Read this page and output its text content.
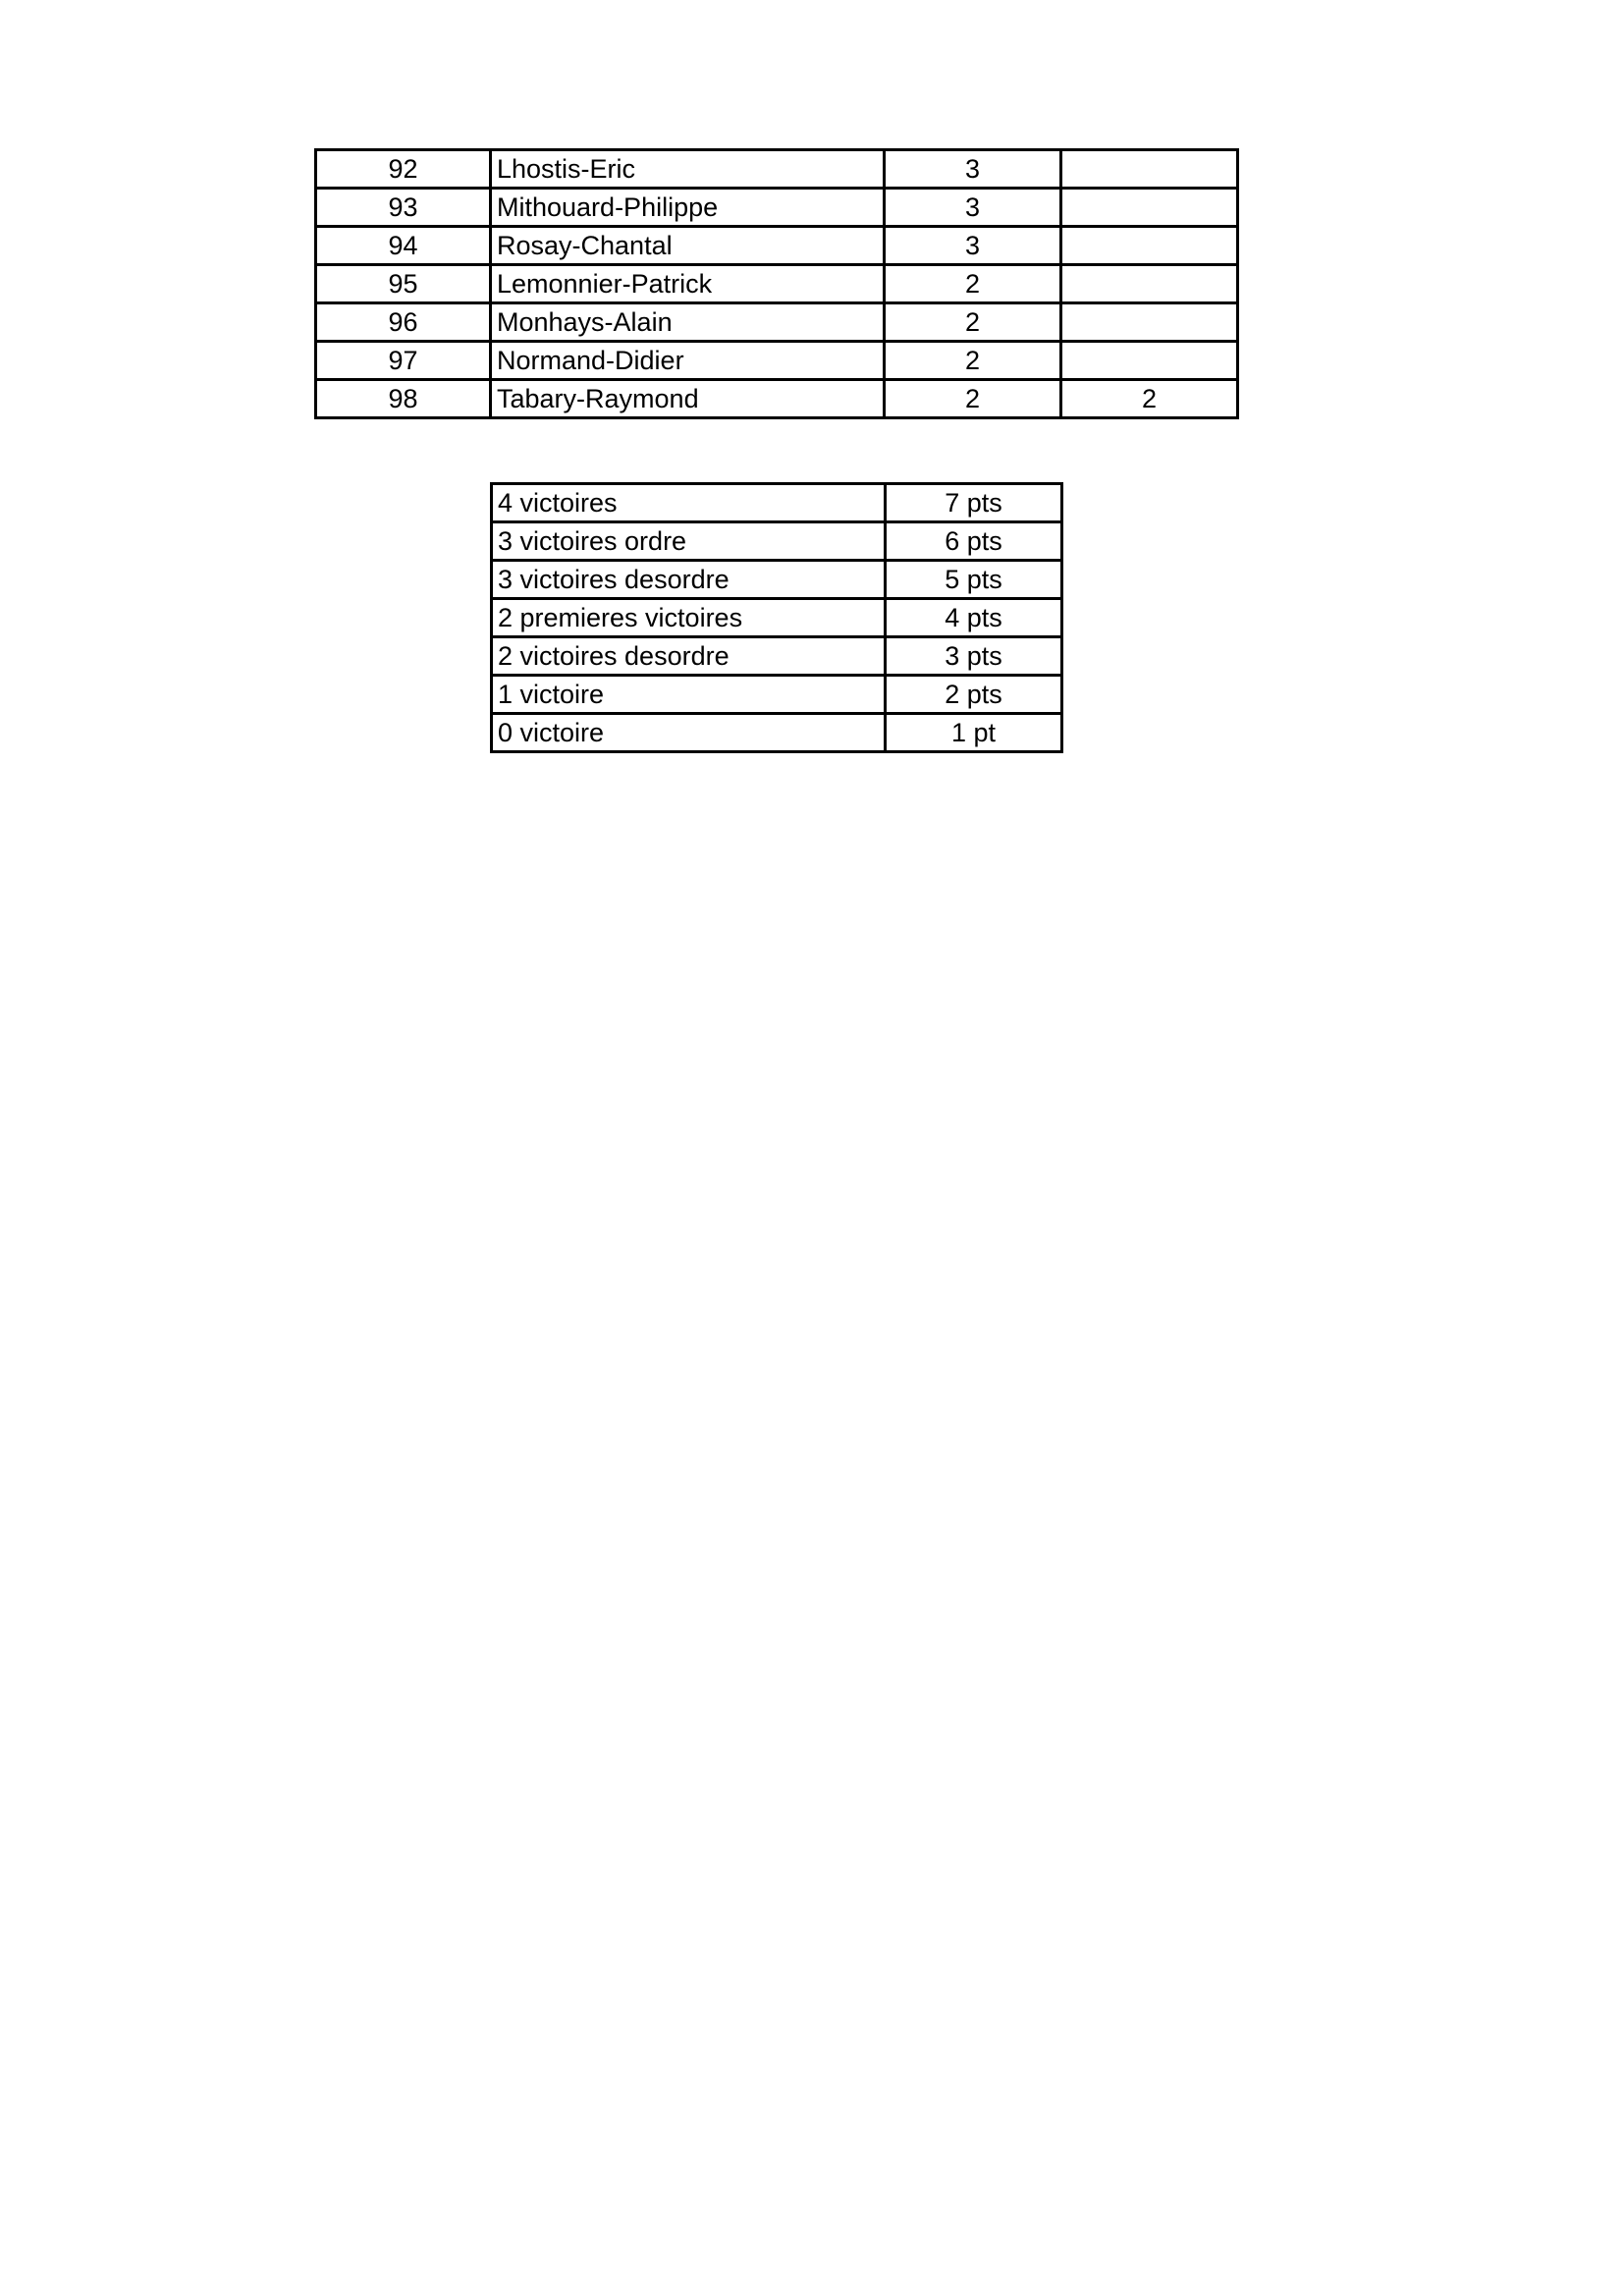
92	Lhostis-Eric	3	
93	Mithouard-Philippe	3	
94	Rosay-Chantal	3	
95	Lemonnier-Patrick	2	
96	Monhays-Alain	2	
97	Normand-Didier	2	
98	Tabary-Raymond	2	2
4 victoires	7 pts
3 victoires ordre	6 pts
3 victoires desordre	5 pts
2 premieres victoires	4 pts
2 victoires desordre	3 pts
1 victoire	2 pts
0 victoire	1 pt
